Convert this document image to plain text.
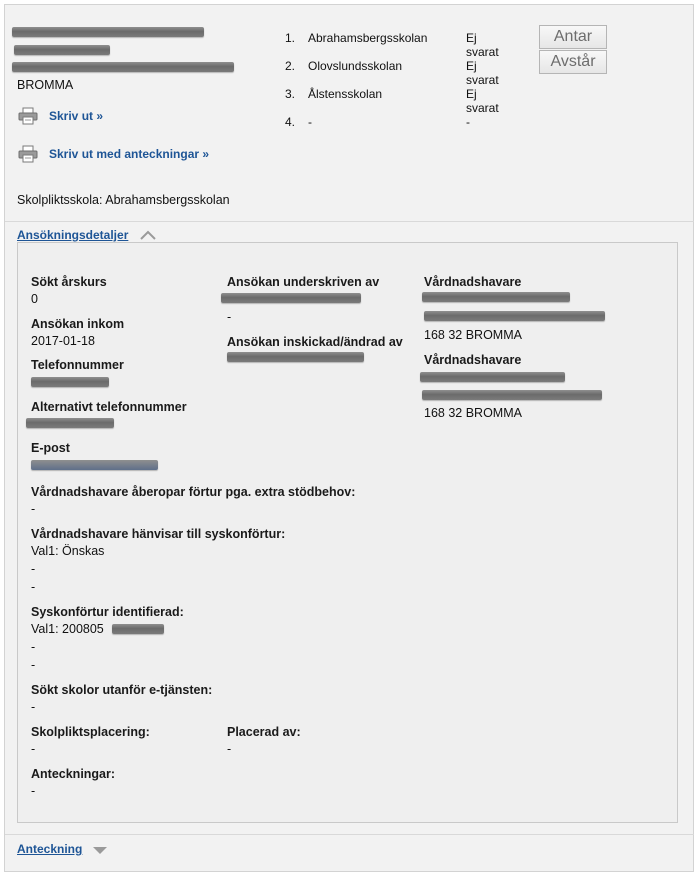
BROMMA
Skriv ut »
Skriv ut med anteckningar »
Skolpliktsskola: Abrahamsbergsskolan
1.	Abrahamsbergsskolan	Ej svarat
2.	Olovslundsskolan	Ej svarat
3.	Ålstensskolan	Ej svarat
4.	-	-
Antar
Avstår
Ansökningsdetaljer
Sökt årskurs
0
Ansökan inkom
2017-01-18
Telefonnummer
Alternativt telefonnummer
E-post
Vårdnadshavare åberopar förtur pga. extra stödbehov:
-
Vårdnadshavare hänvisar till syskonförtur:
Val1: Önskas
-
-
Syskonförtur identifierad:
Val1: 200805
-
-
Sökt skolor utanför e-tjänsten:
-
Skolpliktsplacering:
-
Anteckningar:
-
Ansökan underskriven av
-
Ansökan inskickad/ändrad av
Placerad av:
-
Vårdnadshavare
168 32 BROMMA
Vårdnadshavare
168 32 BROMMA
Anteckning
